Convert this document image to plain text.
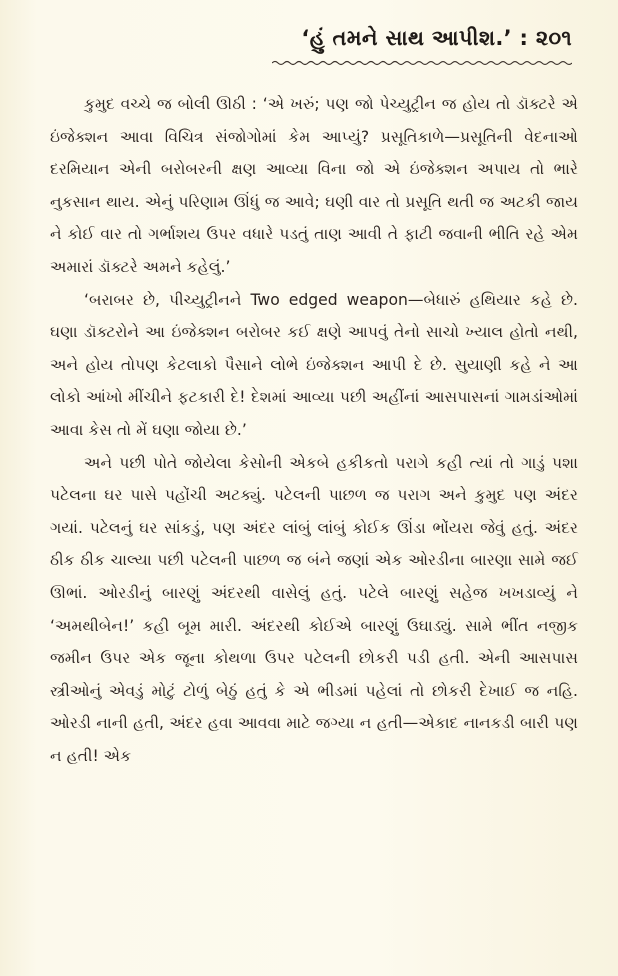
‘હું તમને સાથ આપીશ.’ : ૨૦૧

કુમુદ વચ્ચે જ બોલી ઊઠી : ‘એ ખરું; પણ જો પેચ્યુટ્રીન જ હોય તો ડૉક્ટરે એ ઇંજેક્શન આવા વિચિત્ર સંજોગોમાં કેમ આપ્યું? પ્રસૂતિકાળે—પ્રસૂતિની વેદનાઓ દરમિયાન એની બરોબરની ક્ષણ આવ્યા વિના જો એ ઇંજેક્શન અપાય તો ભારે નુકસાન થાય. એનું પરિણામ ઊંધું જ આવે; ઘણી વાર તો પ્રસૂતિ થતી જ અટકી જાય ને કોઈ વાર તો ગર્ભાશય ઉપર વધારે પડતું તાણ આવી તે ફાટી જવાની ભીતિ રહે એમ અમારાં ડૉક્ટરે અમને કહેલું.’

‘બરાબર છે, પીચ્યુટ્રીનને Two edged weapon—બેધારું હથિયાર કહે છે. ઘણા ડૉક્ટરોને આ ઇંજેક્શન બરોબર કઈ ક્ષણે આપવું તેનો સાચો ખ્યાલ હોતો નથી, અને હોય તોપણ કેટલાકો પૈસાને લોભે ઇંજેક્શન આપી દે છે. સુયાણી કહે ને આ લોકો આંખો મીંચીને ફટકારી દે! દેશમાં આવ્યા પછી અહીંનાં આસપાસનાં ગામડાંઓમાં આવા કેસ તો મેં ઘણા જોયા છે.’

અને પછી પોતે જોયેલા કેસોની એકબે હકીકતો પરાગે કહી ત્યાં તો ગાડું પશા પટેલના ઘર પાસે પહોંચી અટક્યું. પટેલની પાછળ જ પરાગ અને કુમુદ પણ અંદર ગયાં. પટેલનું ઘર સાંકડું, પણ અંદર લાંબું લાંબું કોઈક ઊંડા ભોંયરા જેવું હતું. અંદર ઠીક ઠીક ચાલ્યા પછી પટેલની પાછળ જ બંને જણાં એક ઓરડીના બારણા સામે જઈ ઊભાં. ઓરડીનું બારણું અંદરથી વાસેલું હતું. પટેલે બારણું સહેજ ખખડાવ્યું ને ‘અમથીબેન!’ કહી બૂમ મારી. અંદરથી કોઈએ બારણું ઉઘાડ્યું. સામે ભીંત નજીક જમીન ઉપર એક જૂના કોથળા ઉપર પટેલની છોકરી પડી હતી. એની આસપાસ સ્ત્રીઓનું એવડું મોટું ટોળું બેઠું હતું કે એ ભીડમાં પહેલાં તો છોકરી દેખાઈ જ નહિ. ઓરડી નાની હતી, અંદર હવા આવવા માટે જગ્યા ન હતી—એકાદ નાનકડી બારી પણ ન હતી! એક
